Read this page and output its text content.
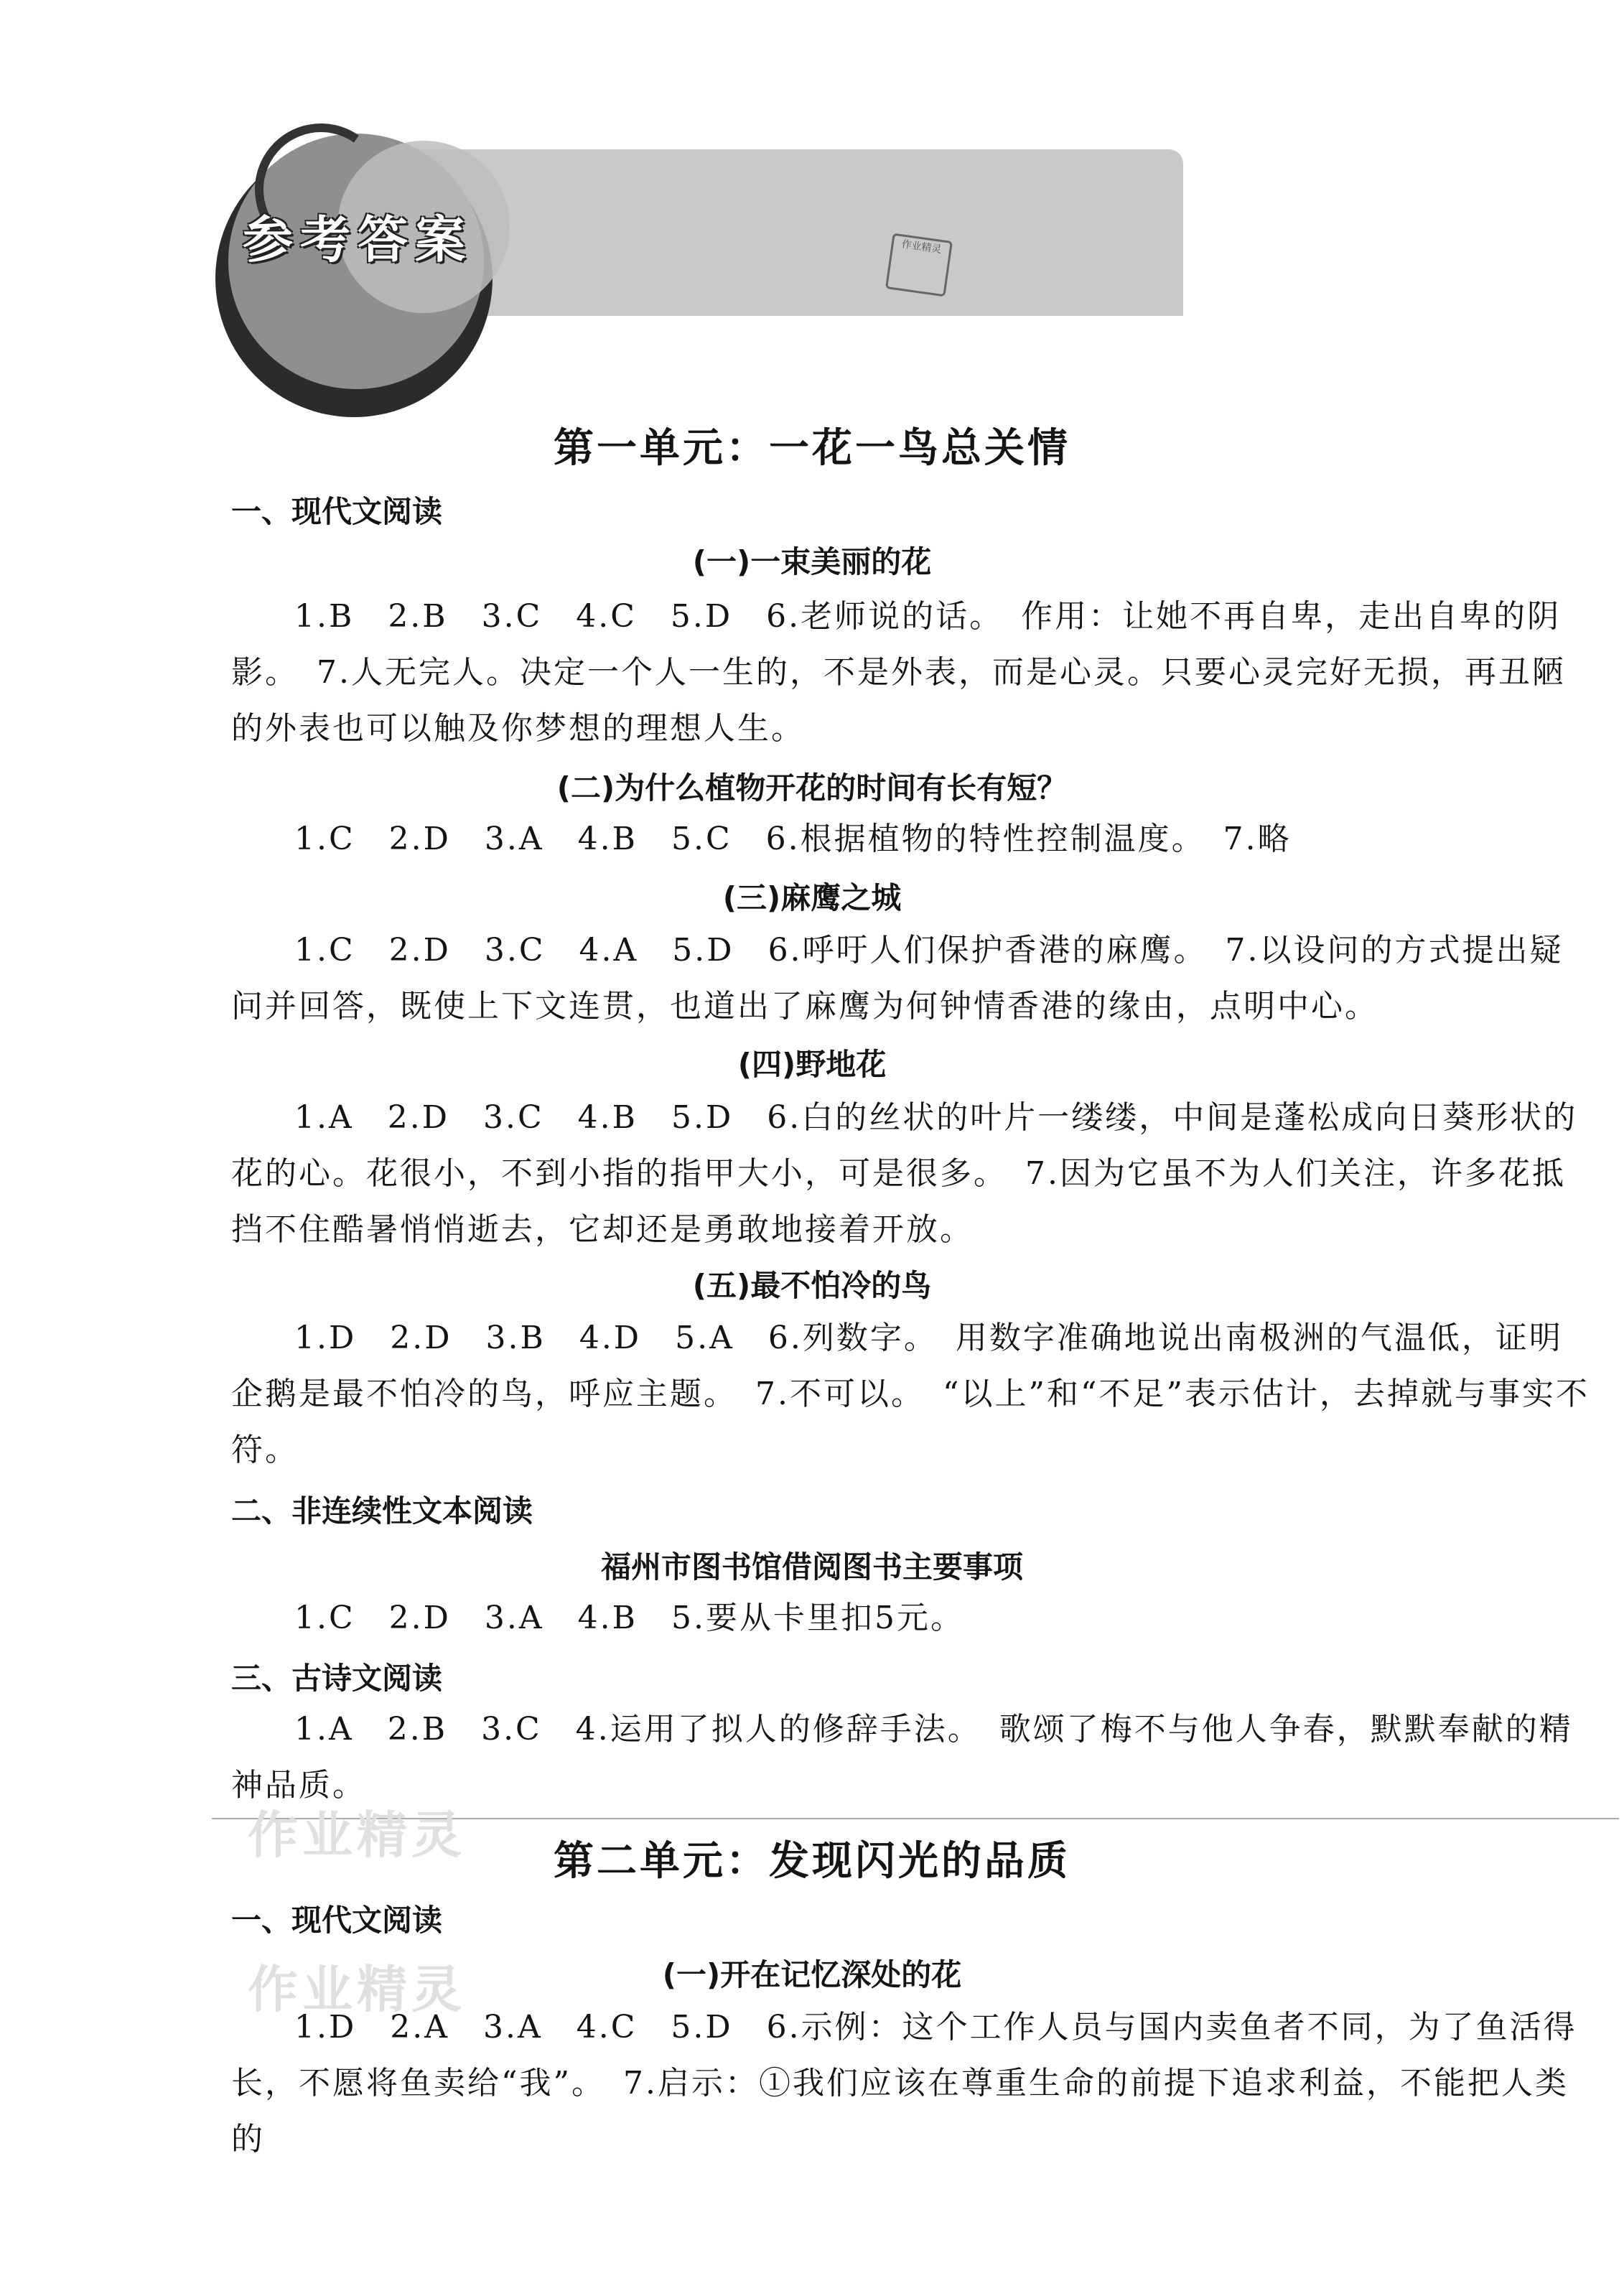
参考答案	作业精灵
第一单元：一花一鸟总关情
一、现代文阅读
(一)一束美丽的花
1.B　2.B　3.C　4.C　5.D　6.老师说的话。　作用：让她不再自卑，走出自卑的阴影。　7.人无完人。决定一个人一生的，不是外表，而是心灵。只要心灵完好无损，再丑陋的外表也可以触及你梦想的理想人生。
(二)为什么植物开花的时间有长有短？
1.C　2.D　3.A　4.B　5.C　6.根据植物的特性控制温度。　7.略
(三)麻鹰之城
1.C　2.D　3.C　4.A　5.D　6.呼吁人们保护香港的麻鹰。　7.以设问的方式提出疑问并回答，既使上下文连贯，也道出了麻鹰为何钟情香港的缘由，点明中心。
(四)野地花
1.A　2.D　3.C　4.B　5.D　6.白的丝状的叶片一缕缕，中间是蓬松成向日葵形状的花的心。花很小，不到小指的指甲大小，可是很多。　7.因为它虽不为人们关注，许多花抵挡不住酷暑悄悄逝去，它却还是勇敢地接着开放。
(五)最不怕冷的鸟
1.D　2.D　3.B　4.D　5.A　6.列数字。　用数字准确地说出南极洲的气温低，证明企鹅是最不怕冷的鸟，呼应主题。　7.不可以。　“以上”和“不足”表示估计，去掉就与事实不符。
二、非连续性文本阅读
福州市图书馆借阅图书主要事项
1.C　2.D　3.A　4.B　5.要从卡里扣5元。
三、古诗文阅读
1.A　2.B　3.C　4.运用了拟人的修辞手法。　歌颂了梅不与他人争春，默默奉献的精神品质。
作业精灵	第二单元：发现闪光的品质
一、现代文阅读
作业精灵	(一)开在记忆深处的花
1.D　2.A　3.A　4.C　5.D　6.示例：这个工作人员与国内卖鱼者不同，为了鱼活得长，不愿将鱼卖给“我”。　7.启示：①我们应该在尊重生命的前提下追求利益，不能把人类的
